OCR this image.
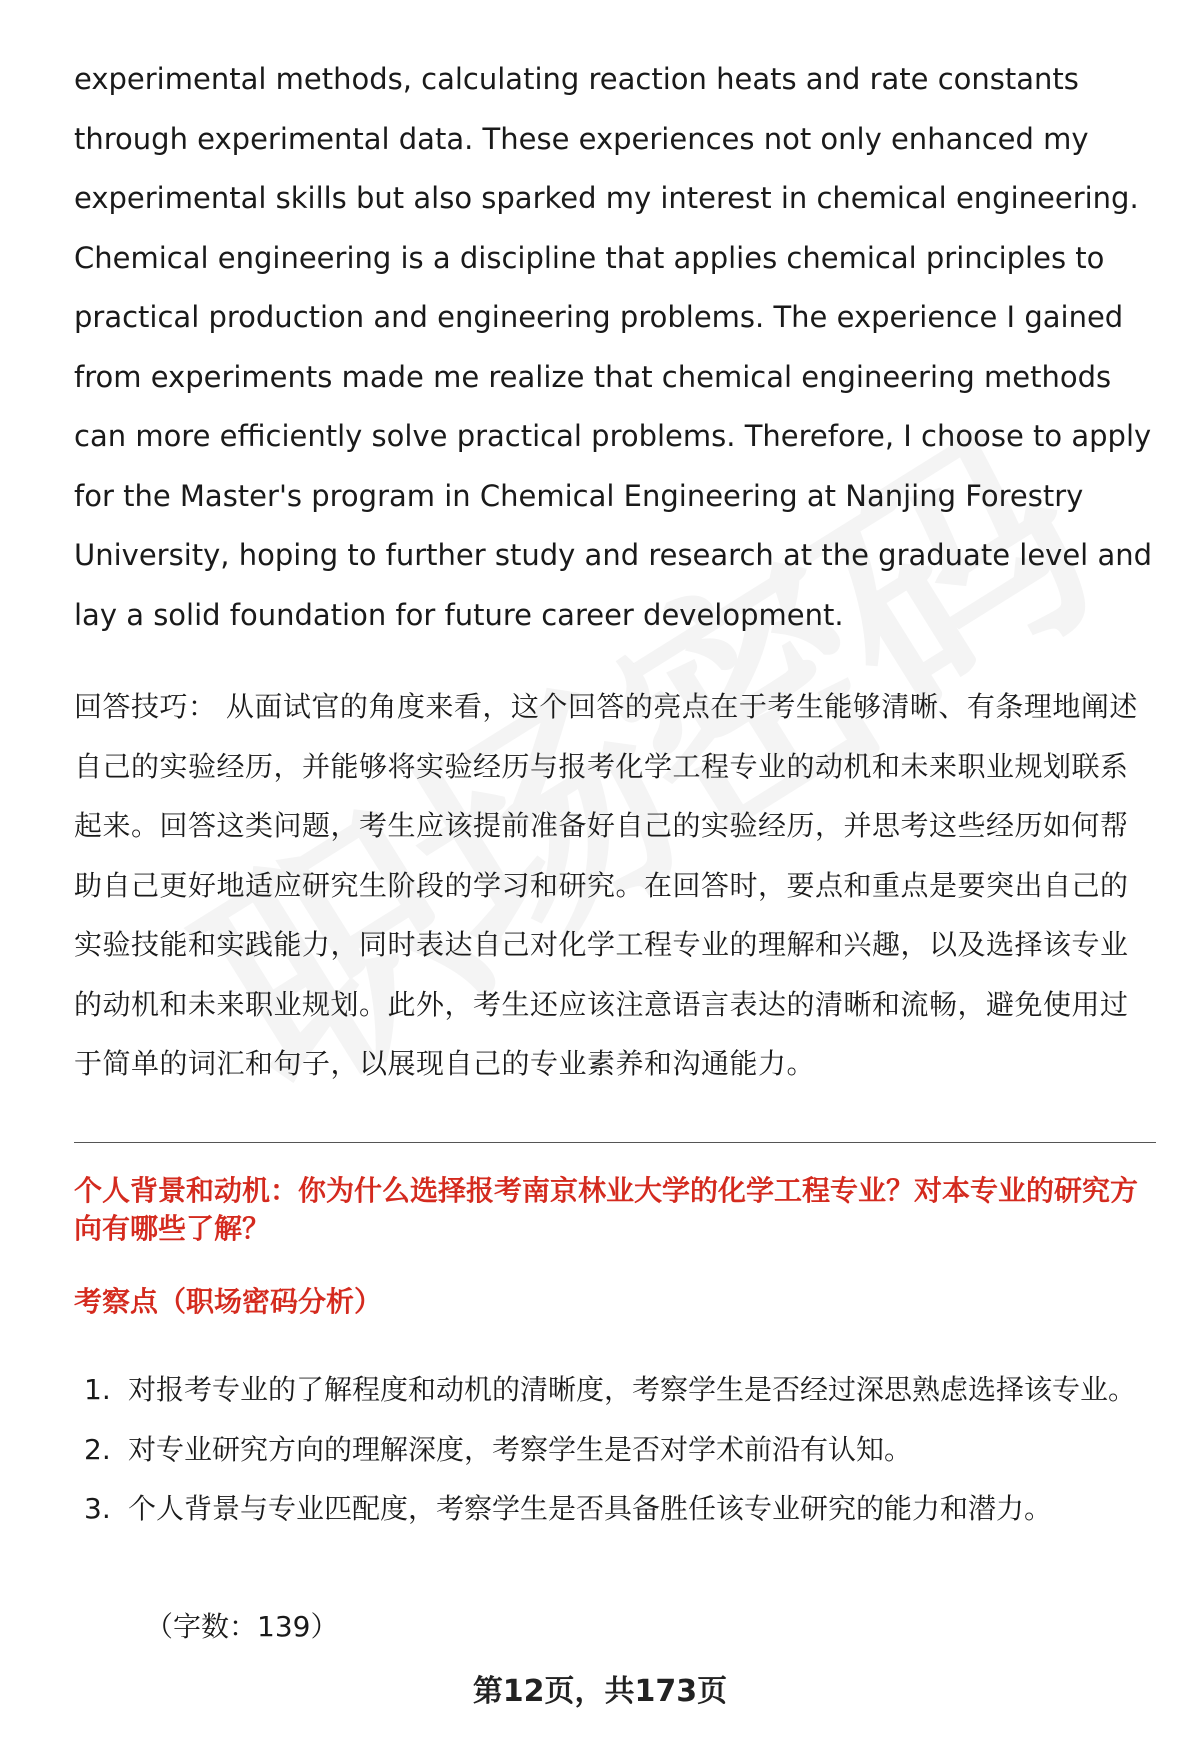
experimental methods, calculating reaction heats and rate constants through experimental data. These experiences not only enhanced my experimental skills but also sparked my interest in chemical engineering. Chemical engineering is a discipline that applies chemical principles to practical production and engineering problems. The experience I gained from experiments made me realize that chemical engineering methods can more efficiently solve practical problems. Therefore, I choose to apply for the Master's program in Chemical Engineering at Nanjing Forestry University, hoping to further study and research at the graduate level and lay a solid foundation for future career development.

回答技巧： 从面试官的角度来看，这个回答的亮点在于考生能够清晰、有条理地阐述自己的实验经历，并能够将实验经历与报考化学工程专业的动机和未来职业规划联系起来。回答这类问题，考生应该提前准备好自己的实验经历，并思考这些经历如何帮助自己更好地适应研究生阶段的学习和研究。在回答时，要点和重点是要突出自己的实验技能和实践能力，同时表达自己对化学工程专业的理解和兴趣，以及选择该专业的动机和未来职业规划。此外，考生还应该注意语言表达的清晰和流畅，避免使用过于简单的词汇和句子，以展现自己的专业素养和沟通能力。

个人背景和动机：你为什么选择报考南京林业大学的化学工程专业？对本专业的研究方向有哪些了解？

考察点（职场密码分析）

1. 对报考专业的了解程度和动机的清晰度，考察学生是否经过深思熟虑选择该专业。
2. 对专业研究方向的理解深度，考察学生是否对学术前沿有认知。
3. 个人背景与专业匹配度，考察学生是否具备胜任该专业研究的能力和潜力。

（字数：139）

第12页，共173页
